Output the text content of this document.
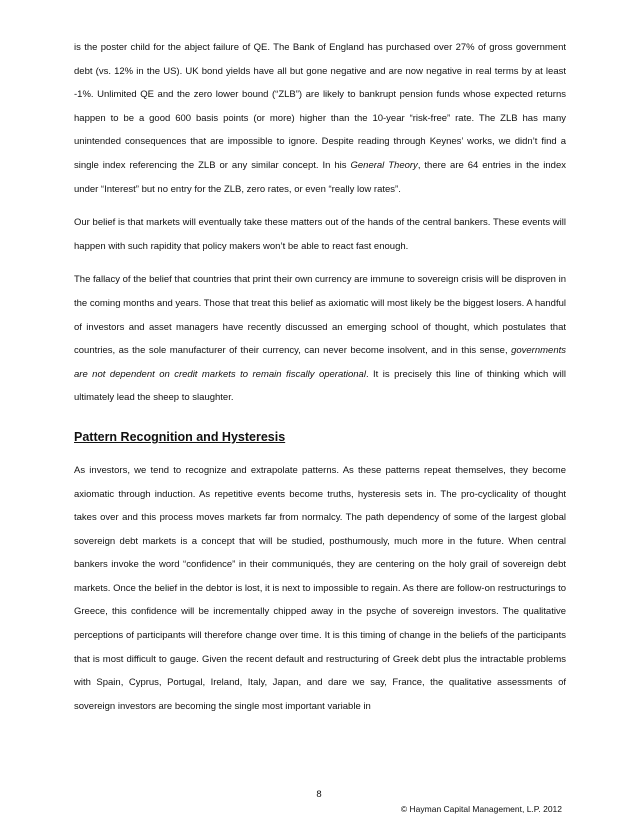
is the poster child for the abject failure of QE. The Bank of England has purchased over 27% of gross government debt (vs. 12% in the US). UK bond yields have all but gone negative and are now negative in real terms by at least -1%. Unlimited QE and the zero lower bound (“ZLB”) are likely to bankrupt pension funds whose expected returns happen to be a good 600 basis points (or more) higher than the 10-year “risk-free” rate. The ZLB has many unintended consequences that are impossible to ignore. Despite reading through Keynes’ works, we didn’t find a single index referencing the ZLB or any similar concept. In his General Theory, there are 64 entries in the index under “Interest” but no entry for the ZLB, zero rates, or even “really low rates”.

Our belief is that markets will eventually take these matters out of the hands of the central bankers. These events will happen with such rapidity that policy makers won’t be able to react fast enough.

The fallacy of the belief that countries that print their own currency are immune to sovereign crisis will be disproven in the coming months and years. Those that treat this belief as axiomatic will most likely be the biggest losers. A handful of investors and asset managers have recently discussed an emerging school of thought, which postulates that countries, as the sole manufacturer of their currency, can never become insolvent, and in this sense, governments are not dependent on credit markets to remain fiscally operational. It is precisely this line of thinking which will ultimately lead the sheep to slaughter.

Pattern Recognition and Hysteresis

As investors, we tend to recognize and extrapolate patterns. As these patterns repeat themselves, they become axiomatic through induction. As repetitive events become truths, hysteresis sets in. The pro-cyclicality of thought takes over and this process moves markets far from normalcy. The path dependency of some of the largest global sovereign debt markets is a concept that will be studied, posthumously, much more in the future. When central bankers invoke the word “confidence” in their communiqués, they are centering on the holy grail of sovereign debt markets. Once the belief in the debtor is lost, it is next to impossible to regain. As there are follow-on restructurings to Greece, this confidence will be incrementally chipped away in the psyche of sovereign investors. The qualitative perceptions of participants will therefore change over time. It is this timing of change in the beliefs of the participants that is most difficult to gauge. Given the recent default and restructuring of Greek debt plus the intractable problems with Spain, Cyprus, Portugal, Ireland, Italy, Japan, and dare we say, France, the qualitative assessments of sovereign investors are becoming the single most important variable in

8
© Hayman Capital Management, L.P. 2012
